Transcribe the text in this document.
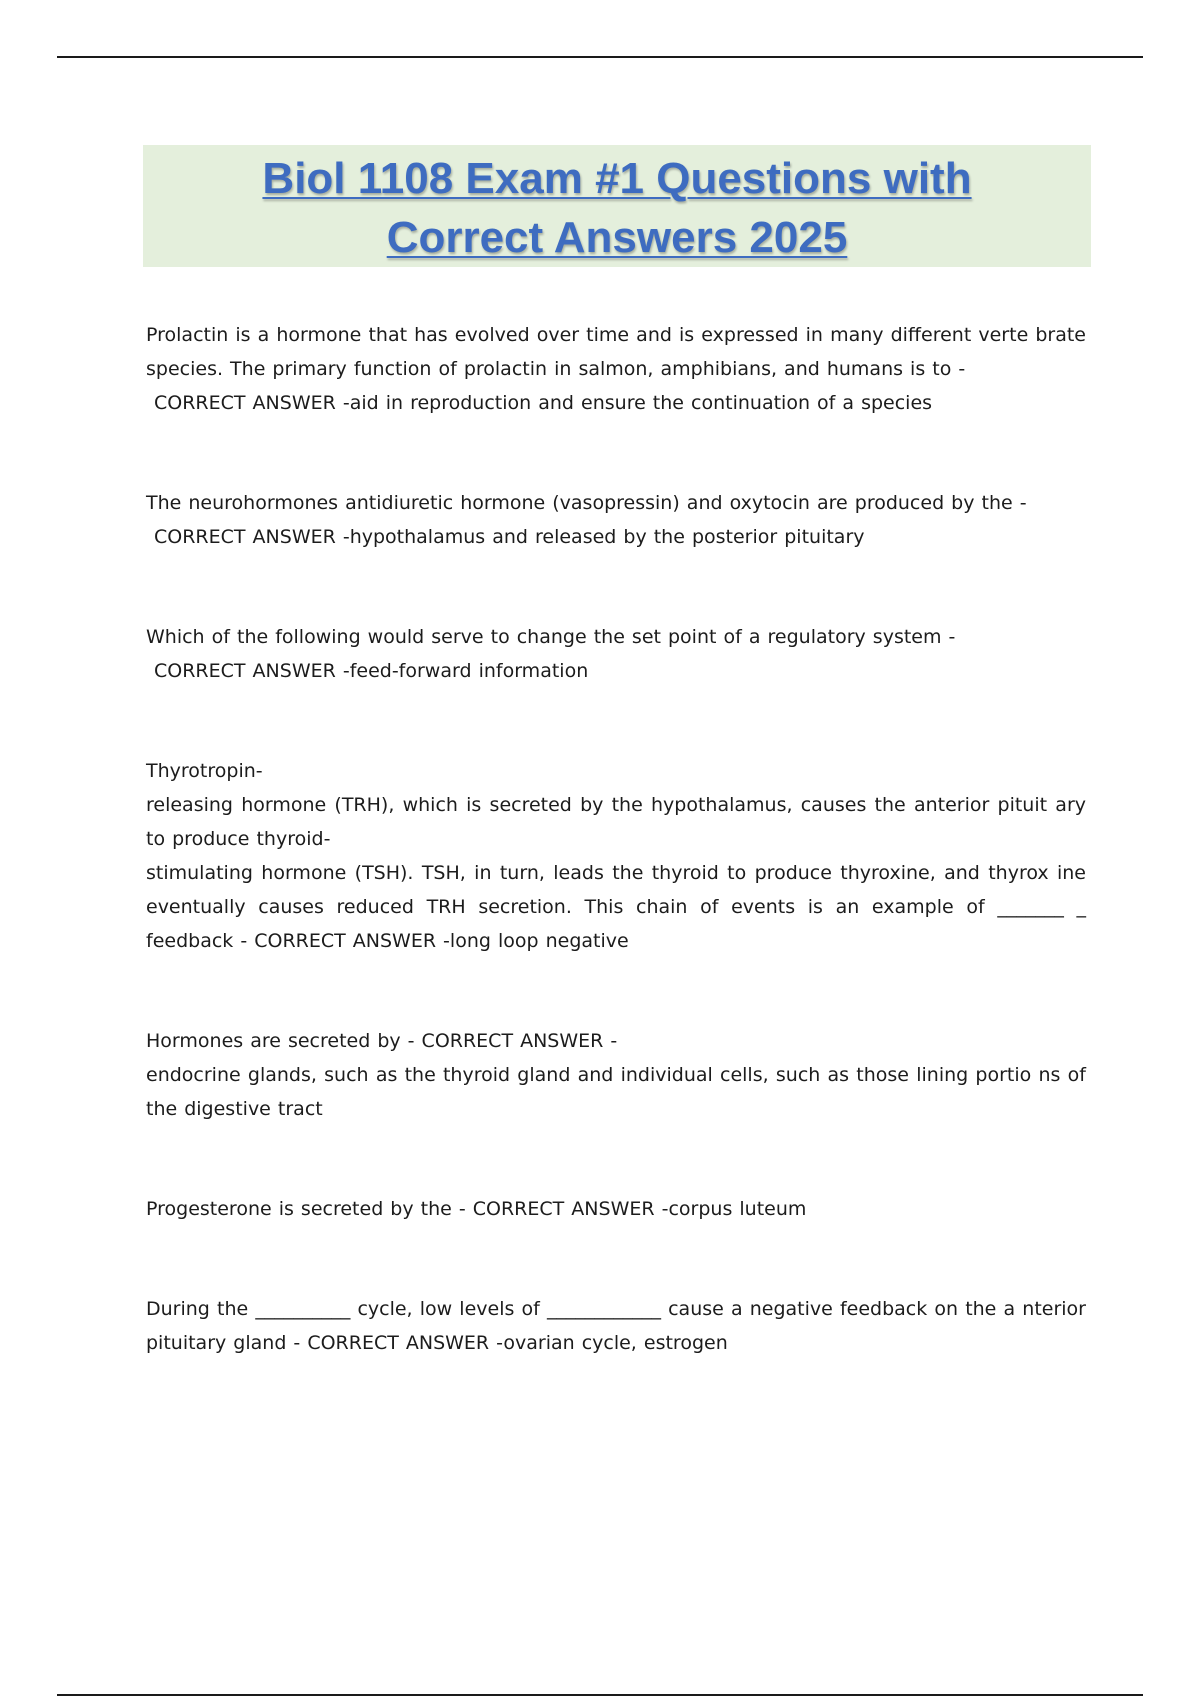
Biol 1108 Exam #1 Questions with
Correct Answers 2025
Prolactin is a hormone that has evolved over time and is expressed in many different verte brate species. The primary function of prolactin in salmon, amphibians, and humans is to -
CORRECT ANSWER -aid in reproduction and ensure the continuation of a species
The neurohormones antidiuretic hormone (vasopressin) and oxytocin are produced by the -
CORRECT ANSWER -hypothalamus and released by the posterior pituitary
Which of the following would serve to change the set point of a regulatory system -
CORRECT ANSWER -feed-forward information
Thyrotropin-
releasing hormone (TRH), which is secreted by the hypothalamus, causes the anterior pituit ary to produce thyroid-
stimulating hormone (TSH). TSH, in turn, leads the thyroid to produce thyroxine, and thyrox ine eventually causes reduced TRH secretion. This chain of events is an example of _______ _ feedback - CORRECT ANSWER -long loop negative
Hormones are secreted by - CORRECT ANSWER -
endocrine glands, such as the thyroid gland and individual cells, such as those lining portio ns of the digestive tract
Progesterone is secreted by the - CORRECT ANSWER -corpus luteum
During the __________ cycle, low levels of ____________ cause a negative feedback on the a nterior pituitary gland - CORRECT ANSWER -ovarian cycle, estrogen
